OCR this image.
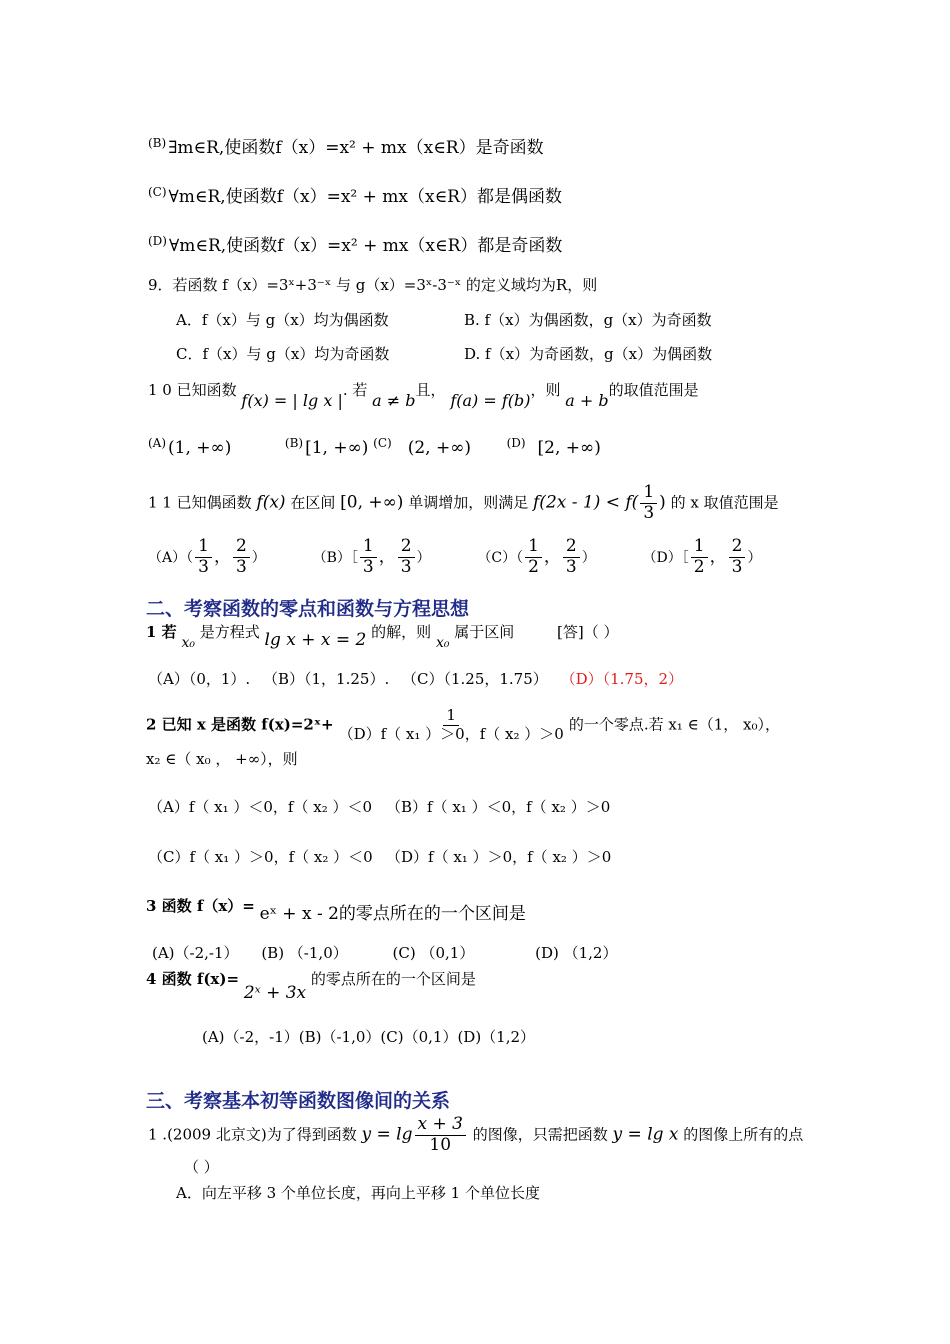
$^{(B)}$ ∃m∈R,使函数f（x）=x² + mx（x∈R）是奇函数
$^{(C)}$ ∀m∈R,使函数f（x）=x² + mx（x∈R）都是偶函数
$^{(D)}$ ∀m∈R,使函数f（x）=x² + mx（x∈R）都是奇函数
9．若函数 f（x）=3ˣ+3⁻ˣ 与 g（x）=3ˣ-3⁻ˣ 的定义域均为R，则
A．f（x）与 g（x）均为偶函数	B. f（x）为偶函数，g（x）为奇函数
C．f（x）与 g（x）均为奇函数	D. f（x）为奇函数，g（x）为偶函数
1 0 已知函数 f(x) = | lg x |. 若 a ≠ b且， f(a) = f(b)，则 a + b的取值范围是
$^{(A)}$ (1, +∞)	$^{(B)}$ [1, +∞) $^{(C)}$ (2, +∞)	$^{(D)}$ [2, +∞)
1 1 已知偶函数 f(x) 在区间 [0, +∞) 单调增加，则满足 $f(2x - 1) < f( \frac{1}{3}$ ) 的 x 取值范围是
$(A)( \frac{1}{3}$ ， $\frac{2}{3}$ ）	（B）［ $\frac{1}{3}$ ， $\frac{2}{3}$ ）	$(C)( \frac{1}{2}$ ， $\frac{2}{3}$ ）	（D）［ $\frac{1}{2}$ ， $\frac{2}{3}$ ）
二、考察函数的零点和函数与方程思想
1 若 x₀ 是方程式 lg x + x = 2 的解，则 x₀ 属于区间	[答]（ ）
（A）（0，1）. （B）（1，1.25）. （C）（1.25，1.75） （D）（1.75，2）
2 已知 x 是函数 f(x)=2ˣ+ $\frac{1}{\text{（D）f（ x₁ ）＞0，f（ x₂ ）＞0}}$ 的一个零点.若 x₁ ∈（1， x₀），
x₂ ∈（ x₀ ， +∞），则
（A）f（ x₁ ）＜0，f（ x₂ ）＜0 （B）f（ x₁ ）＜0，f（ x₂ ）＞0
（C）f（ x₁ ）＞0，f（ x₂ ）＜0 （D）f（ x₁ ）＞0，f（ x₂ ）＞0
3 函数 f（x）= eˣ + x - 2的零点所在的一个区间是
(A)（-2,-1） (B) （-1,0）	(C) （0,1）	(D) （1,2）
4 函数 f(x)= 2ˣ + 3x 的零点所在的一个区间是
(A)（-2，-1）(B)（-1,0）(C)（0,1）(D)（1,2）
三、考察基本初等函数图像间的关系
1 .(2009 北京文)为了得到函数 $y = \lg \frac{x + 3}{10}$ 的图像，只需把函数 y = lg x 的图像上所有的点
（ ）
A．向左平移 3 个单位长度，再向上平移 1 个单位长度
